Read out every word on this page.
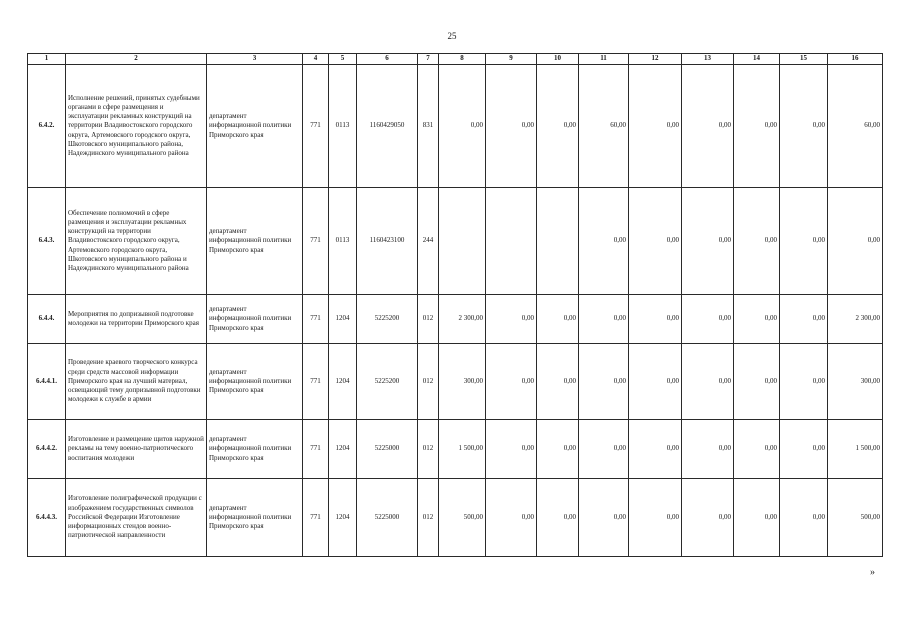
25
1	2	3	4	5	6	7	8	9	10	11	12	13	14	15	16
6.4.2.	Исполнение решений, принятых судебными органами в сфере размещения и эксплуатации рекламных конструкций на территории Владивостокского городского округа, Артемовского городского округа, Шкотовского муниципального района, Надеждинского муниципального района	департамент информационной политики Приморского края	771	0113	1160429050	831	0,00	0,00	0,00	60,00	0,00	0,00	0,00	0,00	60,00
6.4.3.	Обеспечение полномочий в сфере размещения и эксплуатации рекламных конструкций на территории Владивостокского городского округа, Артемовского городского округа, Шкотовского муниципального района и Надеждинского муниципального района	департамент информационной политики Приморского края	771	0113	1160423100	244				0,00	0,00	0,00	0,00	0,00	0,00
6.4.4.	Мероприятия по допризывной подготовке молодежи на территории Приморского края	департамент информационной политики Приморского края	771	1204	5225200	012	2 300,00	0,00	0,00	0,00	0,00	0,00	0,00	0,00	2 300,00
6.4.4.1.	Проведение краевого творческого конкурса среди средств массовой информации Приморского края на лучший материал, освещающий тему допризывной подготовки молодежи к службе в армии	департамент информационной политики Приморского края	771	1204	5225200	012	300,00	0,00	0,00	0,00	0,00	0,00	0,00	0,00	300,00
6.4.4.2.	Изготовление и размещение щитов наружной рекламы на тему военно-патриотического воспитания молодежи	департамент информационной политики Приморского края	771	1204	5225000	012	1 500,00	0,00	0,00	0,00	0,00	0,00	0,00	0,00	1 500,00
6.4.4.3.	Изготовление полиграфической продукции с изображением государственных символов Российской Федерации Изготовление информационных стендов военно-патриотической направленности	департамент информационной политики Приморского края	771	1204	5225000	012	500,00	0,00	0,00	0,00	0,00	0,00	0,00	0,00	500,00
»
